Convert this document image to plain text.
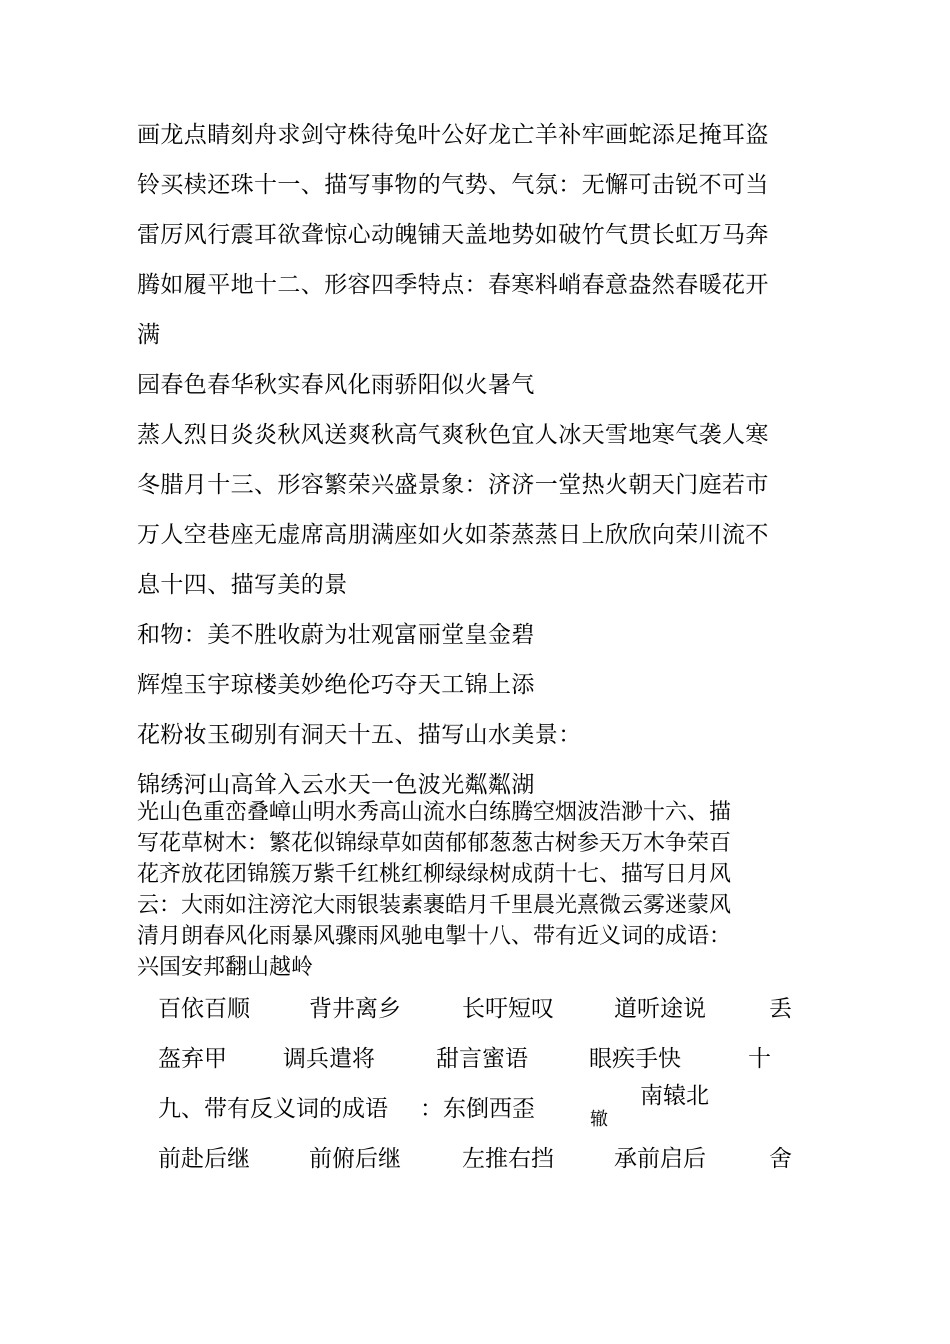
画龙点睛刻舟求剑守株待兔叶公好龙亡羊补牢画蛇添足掩耳盗
铃买椟还珠十一、描写事物的气势、气氛：无懈可击锐不可当
雷厉风行震耳欲聋惊心动魄铺天盖地势如破竹气贯长虹万马奔
腾如履平地十二、形容四季特点：春寒料峭春意盎然春暖花开
满
园春色春华秋实春风化雨骄阳似火暑气
蒸人烈日炎炎秋风送爽秋高气爽秋色宜人冰天雪地寒气袭人寒
冬腊月十三、形容繁荣兴盛景象：济济一堂热火朝天门庭若市
万人空巷座无虚席高朋满座如火如荼蒸蒸日上欣欣向荣川流不
息十四、描写美的景
和物：美不胜收蔚为壮观富丽堂皇金碧
辉煌玉宇琼楼美妙绝伦巧夺天工锦上添
花粉妆玉砌别有洞天十五、描写山水美景：
锦绣河山高耸入云水天一色波光粼粼湖
光山色重峦叠嶂山明水秀高山流水白练腾空烟波浩渺十六、描
写花草树木：繁花似锦绿草如茵郁郁葱葱古树参天万木争荣百
花齐放花团锦簇万紫千红桃红柳绿绿树成荫十七、描写日月风
云：大雨如注滂沱大雨银装素裹皓月千里晨光熹微云雾迷蒙风
清月朗春风化雨暴风骤雨风驰电掣十八、带有近义词的成语：
兴国安邦翻山越岭
百依百顺	背井离乡	长吁短叹	道听途说	丢
盔弃甲 调兵遣将	甜言蜜语	眼疾手快	十
九、带有反义词的成语 ：东倒西歪	南辕北
辙
前赴后继	前俯后继	左推右挡	承前启后	舍
